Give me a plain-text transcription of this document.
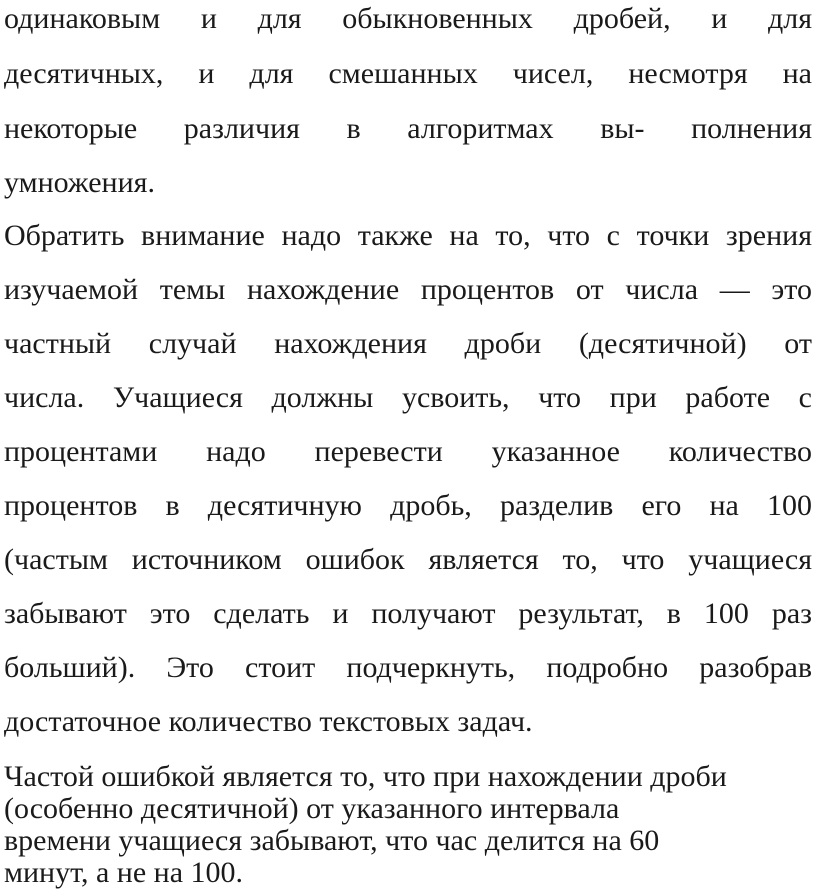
одинаковым и для обыкновенных дробей, и для
десятичных, и для смешанных чисел, несмотря на
некоторые различия в алгоритмах вы- полнения
умножения.
Обратить внимание надо также на то, что с точки зрения
изучаемой темы нахождение процентов от числа — это
частный случай нахождения дроби (десятичной) от
числа. Учащиеся должны усвоить, что при работе с
процентами надо перевести указанное количество
процентов в десятичную дробь, разделив его на 100
(частым источником ошибок является то, что учащиеся
забывают это сделать и получают результат, в 100 раз
больший). Это стоит подчеркнуть, подробно разобрав
достаточное количество текстовых задач.
Частой ошибкой является то, что при нахождении дроби
(особенно десятичной) от указанного интервала
времени учащиеся забывают, что час делится на 60
минут, а не на 100.
